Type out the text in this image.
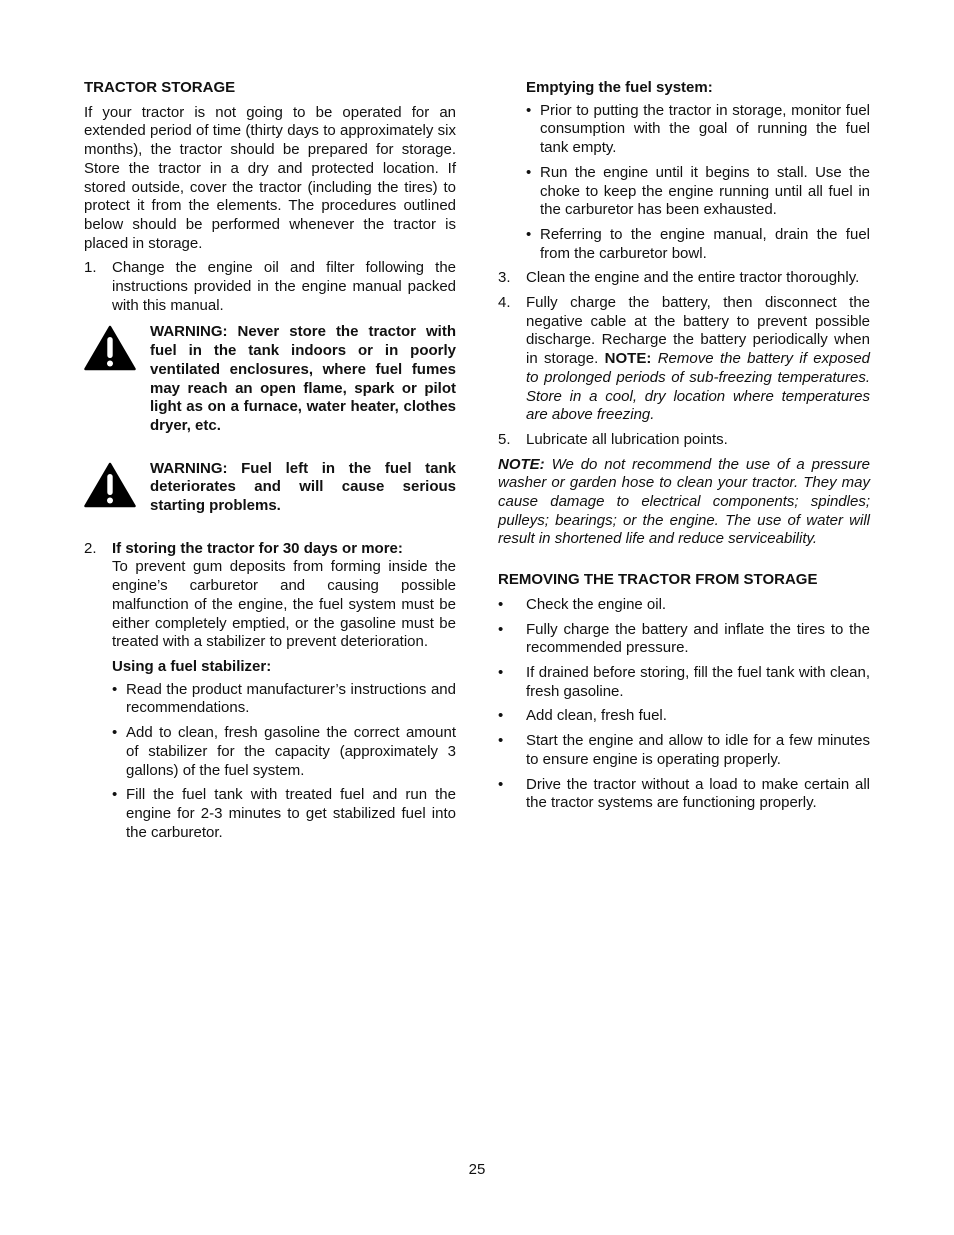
TRACTOR STORAGE

If your tractor is not going to be operated for an extended period of time (thirty days to approximately six months), the tractor should be prepared for storage. Store the tractor in a dry and protected location. If stored outside, cover the tractor (including the tires) to protect it from the elements. The procedures outlined below should be performed whenever the tractor is placed in storage.

1. Change the engine oil and filter following the instructions provided in the engine manual packed with this manual.
WARNING: Never store the tractor with fuel in the tank indoors or in poorly ventilated enclosures, where fuel fumes may reach an open flame, spark or pilot light as on a furnace, water heater, clothes dryer, etc.
WARNING: Fuel left in the fuel tank deteriorates and will cause serious starting problems.
2. If storing the tractor for 30 days or more:
To prevent gum deposits from forming inside the engine’s carburetor and causing possible malfunction of the engine, the fuel system must be either completely emptied, or the gasoline must be treated with a stabilizer to prevent deterioration.
Using a fuel stabilizer:
• Read the product manufacturer’s instructions and recommendations.
• Add to clean, fresh gasoline the correct amount of stabilizer for the capacity (approximately 3 gallons) of the fuel system.
• Fill the fuel tank with treated fuel and run the engine for 2-3 minutes to get stabilized fuel into the carburetor.
Emptying the fuel system:
• Prior to putting the tractor in storage, monitor fuel consumption with the goal of running the fuel tank empty.
• Run the engine until it begins to stall. Use the choke to keep the engine running until all fuel in the carburetor has been exhausted.
• Referring to the engine manual, drain the fuel from the carburetor bowl.
3. Clean the engine and the entire tractor thoroughly.
4. Fully charge the battery, then disconnect the negative cable at the battery to prevent possible discharge. Recharge the battery periodically when in storage. NOTE: Remove the battery if exposed to prolonged periods of sub-freezing temperatures. Store in a cool, dry location where temperatures are above freezing.
5. Lubricate all lubrication points.

NOTE: We do not recommend the use of a pressure washer or garden hose to clean your tractor. They may cause damage to electrical components; spindles; pulleys; bearings; or the engine. The use of water will result in shortened life and reduce serviceability.

REMOVING THE TRACTOR FROM STORAGE
• Check the engine oil.
• Fully charge the battery and inflate the tires to the recommended pressure.
• If drained before storing, fill the fuel tank with clean, fresh gasoline.
• Add clean, fresh fuel.
• Start the engine and allow to idle for a few minutes to ensure engine is operating properly.
• Drive the tractor without a load to make certain all the tractor systems are functioning properly.
25
